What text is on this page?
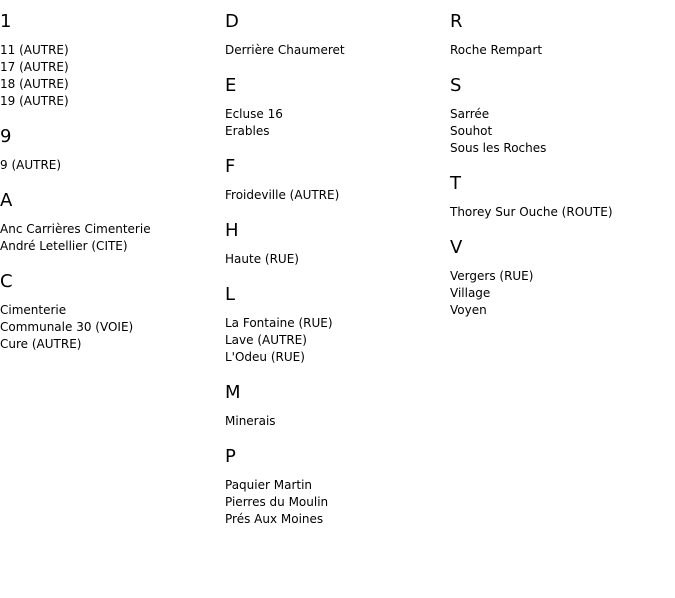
1
11 (AUTRE)
17 (AUTRE)
18 (AUTRE)
19 (AUTRE)
9
9 (AUTRE)
A
Anc Carrières Cimenterie
André Letellier (CITE)
C
Cimenterie
Communale 30 (VOIE)
Cure (AUTRE)
D
Derrière Chaumeret
E
Ecluse 16
Erables
F
Froideville (AUTRE)
H
Haute (RUE)
L
La Fontaine (RUE)
Lave (AUTRE)
L'Odeu (RUE)
M
Minerais
P
Paquier Martin
Pierres du Moulin
Prés Aux Moines
R
Roche Rempart
S
Sarrée
Souhot
Sous les Roches
T
Thorey Sur Ouche (ROUTE)
V
Vergers (RUE)
Village
Voyen
